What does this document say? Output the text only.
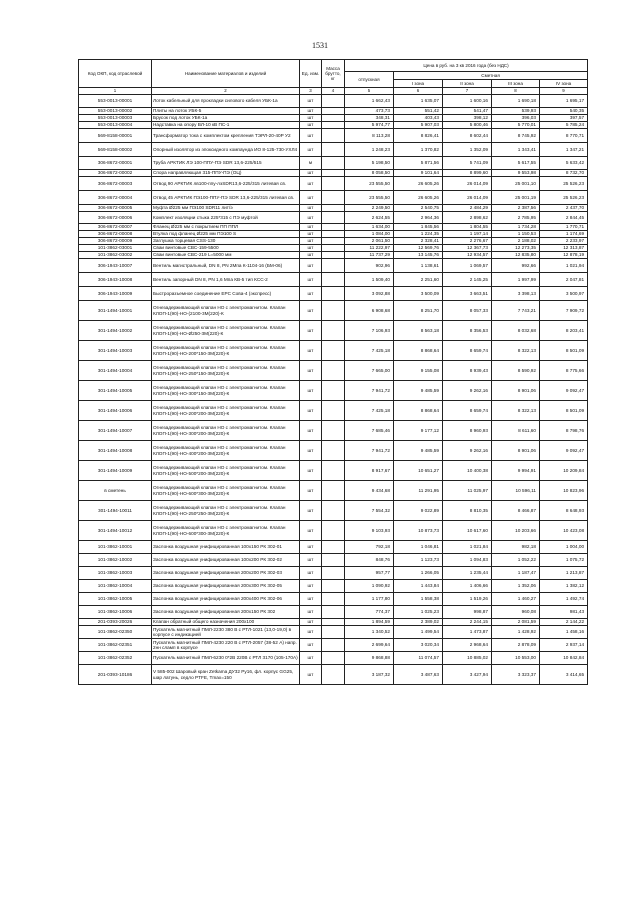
1531
Код ОКП, код отраслевой	Наименование материалов и изделий	Ед. изм.	Масса брутто, кг	Цена в руб. на 3 кв 2016 года (без НДС)				
				отпускная	Сметная			
					I зона	II зона	III зона	IV зона
1	2	3	4	5	6	7	8	9
553-0013-00001	Лоток кабельный для прокладки силового кабеля УБК-1а	шт		1 662,43	1 635,07	1 600,16	1 690,18	1 695,17
553-0013-00002	Плиты на лоток УБК-5	шт		473,73	551,42	541,47	539,93	540,35
553-0013-00003	Брусок под лоток УБК-1а	шт		348,31	403,43	398,12	396,03	397,57
553-0013-00004	Надставка на опору ВЛ-10 кВ ПС-1	шт		5 974,77	5 907,03	5 800,46	5 770,01	5 785,24
569-8158-00001	Трансформатор тока с комплектом крепления ТЭРЛ-20-40Р У2	шт		8 113,28	8 826,41	8 602,44	8 745,92	8 770,71
569-8158-00002	Опорный изолятор из эпоксидного компаунда ИО 8-125-730-УХЛ4	шт		1 248,23	1 370,82	1 352,09	1 343,41	1 347,21
306-8672-00001	Труба АРКТИК ЛЭ 100-ППУ-ПЭ SDR 13,6-225/515	м		5 198,50	5 871,56	5 741,09	5 617,55	5 633,42
306-8672-00002	Спора направляющая 315-ППУ-ПЭ (ОЦ)	шт		8 058,50	9 101,64	8 899,60	9 553,98	8 732,70
306-8672-00003	Отвод 90 АРКТИК лв100-ппу-лэSDR13,6-225/315 литевая св.	шт		23 555,50	26 605,26	26 014,09	25 001,10	25 526,23
306-8672-00004	Отвод 45 АРКТИК ПЭ100-ППУ-ПЭ SDR 13,6-225/315 литевая св.	шт		23 555,50	26 605,26	26 014,09	25 001,19	25 526,23
306-8672-00005	Муфта Ø225 мм ПЭ100 SDR11 лит/э	шт		2 249,50	2 540,75	2 484,29	2 387,56	2 437,70
306-8672-00006	Комплект изоляции стыка 225*315 с ПЭ муфтой	шт		2 624,55	2 964,36	2 898,62	2 785,95	2 844,45
306-8672-00007	Фланец Ø225 мм с покрытием ПП ППЛ	шт		1 634,00	1 845,56	1 804,55	1 734,28	1 770,71
306-8672-00008	Втулка под фланец Ø225 мм ПЭ100 S	шт		1 084,00	1 224,35	1 197,14	1 150,53	1 174,69
306-8672-00009	Заглушка торцевая CSS-130	шт		2 061,50	2 328,41	2 276,67	2 188,02	2 233,97
101-3862-03001	Сваи винтовые СВС-159-5500	шт		11 222,97	12 569,76	12 367,73	12 273,35	12 313,87
101-3862-03002	Сваи винтовые СВС-219 L=5000 мм	шт		11 737,29	13 145,76	12 934,57	12 835,80	12 878,19
306-1943-10007	Вентиль магистральный, DN 8, PN 2Мпа К-1104-16 (БМ-06)	шт		902,96	1 138,61	1 069,57	992,66	1 021,94
306-1943-10008	Вентиль запорный DN 8, PN 1,6 Мпа КВ-5 тип КСС-2	шт		1 509,40	2 251,60	2 145,25	1 997,99	2 047,81
306-1943-10009	Быстроразъемное соединение ЕРС Сова-4 (экспресс)	шт		3 092,88	3 500,09	3 663,51	3 398,13	3 500,97
301-1494-10001	Огнезадерживающий клапан НО с электромагнитом. Клапан КЛОП-1(90)-НО-(2100-3М(220)-К	шт		6 908,68	8 251,70	8 057,33	7 743,21	7 909,72
301-1494-10002	Огнезадерживающий клапан НО с электромагнитом. Клапан КЛОП-1(90)-НО-Ø250-3М(220)-К	шт		7 106,93	8 563,18	8 356,53	8 032,68	8 203,41
301-1494-10003	Огнезадерживающий клапан НО с электромагнитом. Клапан КЛОП-1(90)-НО-200*150-3М(220)-К	шт		7 425,18	8 868,64	8 659,74	8 322,13	8 501,09
301-1494-10004	Огнезадерживающий клапан НО с электромагнитом. Клапан КЛОП-1(90)-НО-250*150-3М(220)-К	шт		7 665,00	9 155,08	8 939,43	8 590,92	8 775,66
301-1494-10005	Огнезадерживающий клапан НО с электромагнитом. Клапан КЛОП-1(90)-НО-300*150-3М(220)-К	шт		7 941,72	9 485,59	9 262,16	8 901,06	9 092,47
301-1494-10006	Огнезадерживающий клапан НО с электромагнитом. Клапан КЛОП-1(90)-НО-200*200-3М(220)-К	шт		7 425,18	8 868,64	8 659,74	8 322,13	8 501,09
301-1494-10007	Огнезадерживающий клапан НО с электромагнитом. Клапан КЛОП-1(90)-НО-300*200-3М(220)-К	шт		7 685,46	9 177,12	8 960,93	8 611,60	8 798,76
301-1494-10008	Огнезадерживающий клапан НО с электромагнитом. Клапан КЛОП-1(90)-НО-400*200-3М(220)-К	шт		7 941,72	9 485,59	9 262,16	8 901,06	9 092,47
301-1494-10009	Огнезадерживающий клапан НО с электромагнитом. Клапан КЛОП-1(90)-НО-500*200-3М(220)-К	шт		8 917,67	10 651,27	10 400,38	9 994,91	10 209,84
в сметень	Огнезадерживающий клапан НО с электромагнитом. Клапан КЛОП-1(90)-НО-600*300-3М(220)-К	шт		9 434,68	11 291,95	11 025,97	10 596,11	10 823,96
301-1494-10011	Огнезадерживающий клапан НО с электромагнитом. Клапан КЛОП-1(90)-НО-250*250-3М(220)-К	шт		7 554,32	9 022,89	8 810,35	8 466,87	8 648,93
301-1494-10012	Огнезадерживающий клапан НО с электромагнитом. Клапан КЛОП-1(90)-НО-600*300-3М(220)-К	шт		9 103,93	10 873,73	10 617,60	10 203,66	10 423,08
101-3862-10001	Заслонка воздушная унифицированная 100х150 РК 302-01	шт		792,18	1 046,81	1 021,84	982,18	1 004,00
101-3862-10002	Заслонка воздушная унифицированная 100х200 РК 302-02	шт		848,76	1 123,73	1 094,83	1 052,22	1 075,72
101-3862-10003	Заслонка воздушная унифицированная 200х200 РК 302-03	шт		957,77	1 266,05	1 235,44	1 187,47	1 213,87
101-3862-10004	Заслонка воздушная унифицированная 200х300 РК 302-05	шт		1 090,92	1 443,84	1 406,66	1 352,06	1 382,12
101-3862-10005	Заслонка воздушная унифицированная 200х400 РК 302-06	шт		1 177,80	1 558,38	1 519,26	1 460,27	1 492,74
101-3862-10006	Заслонка воздушная унифицированная 200х150 РК 302	шт		774,37	1 025,23	998,87	960,08	981,43
201-0393-20026	Клапан обратный общего назначения 200х100	шт		1 894,59	2 389,02	2 244,15	2 081,59	2 144,22
101-3862-02350	Пускатель магнитный ПМЛ-2230 380 В с РТЛ-1021 (13,0-19,0) в корпусе с индикацией	шт		1 340,52	1 499,54	1 473,87	1 428,92	1 458,16
101-3862-02351	Пускатель магнитный ПМЛ-4230 220 В с РТЛ-2057 (38-52 А) напр. 2нн сламп в корпусе	шт		2 699,64	3 020,34	2 968,64	2 878,09	2 937,14
101-3862-02352	Пускатель магнитный ПМЛ-6230 0*2В 220В с РТЛ 3170 (105-170А)	шт		9 868,88	11 074,57	10 885,02	10 553,00	10 842,84
201-0393-10186	V 585-002 Шаровый кран Zetkama ДУ32 Ру16, фл. корпус GG25, шар латунь, седло PTFE, Tmax=150	шт		3 187,32	3 487,63	3 427,94	3 323,37	3 414,65
